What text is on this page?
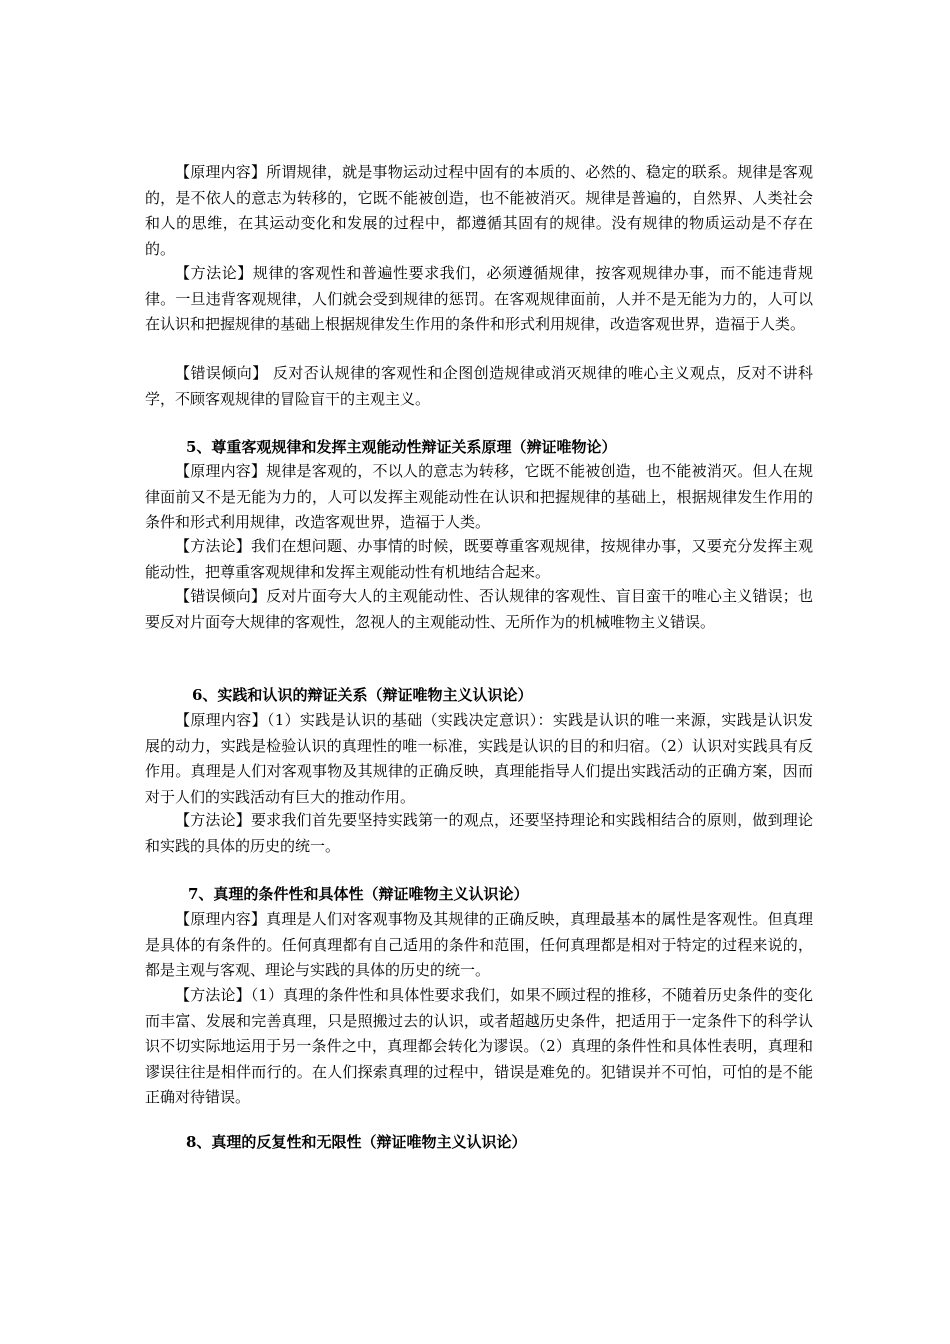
【原理内容】所谓规律，就是事物运动过程中固有的本质的、必然的、稳定的联系。规律是客观的，是不依人的意志为转移的，它既不能被创造，也不能被消灭。规律是普遍的，自然界、人类社会和人的思维，在其运动变化和发展的过程中，都遵循其固有的规律。没有规律的物质运动是不存在的。

【方法论】规律的客观性和普遍性要求我们，必须遵循规律，按客观规律办事，而不能违背规律。一旦违背客观规律，人们就会受到规律的惩罚。在客观规律面前，人并不是无能为力的，人可以在认识和把握规律的基础上根据规律发生作用的条件和形式利用规律，改造客观世界，造福于人类。

【错误倾向】 反对否认规律的客观性和企图创造规律或消灭规律的唯心主义观点，反对不讲科学，不顾客观规律的冒险盲干的主观主义。

5、尊重客观规律和发挥主观能动性辩证关系原理（辨证唯物论）

【原理内容】规律是客观的，不以人的意志为转移，它既不能被创造，也不能被消灭。但人在规律面前又不是无能为力的，人可以发挥主观能动性在认识和把握规律的基础上，根据规律发生作用的条件和形式利用规律，改造客观世界，造福于人类。

【方法论】我们在想问题、办事情的时候，既要尊重客观规律，按规律办事，又要充分发挥主观能动性，把尊重客观规律和发挥主观能动性有机地结合起来。

【错误倾向】反对片面夸大人的主观能动性、否认规律的客观性、盲目蛮干的唯心主义错误；也要反对片面夸大规律的客观性，忽视人的主观能动性、无所作为的机械唯物主义错误。

6、实践和认识的辩证关系（辩证唯物主义认识论）

【原理内容】（1）实践是认识的基础（实践决定意识）：实践是认识的唯一来源，实践是认识发展的动力，实践是检验认识的真理性的唯一标准，实践是认识的目的和归宿。（2）认识对实践具有反作用。真理是人们对客观事物及其规律的正确反映，真理能指导人们提出实践活动的正确方案，因而对于人们的实践活动有巨大的推动作用。

【方法论】要求我们首先要坚持实践第一的观点，还要坚持理论和实践相结合的原则，做到理论和实践的具体的历史的统一。

7、真理的条件性和具体性（辩证唯物主义认识论）

【原理内容】真理是人们对客观事物及其规律的正确反映，真理最基本的属性是客观性。但真理是具体的有条件的。任何真理都有自己适用的条件和范围，任何真理都是相对于特定的过程来说的，都是主观与客观、理论与实践的具体的历史的统一。

【方法论】（1）真理的条件性和具体性要求我们，如果不顾过程的推移，不随着历史条件的变化而丰富、发展和完善真理，只是照搬过去的认识，或者超越历史条件，把适用于一定条件下的科学认识不切实际地运用于另一条件之中，真理都会转化为谬误。（2）真理的条件性和具体性表明，真理和谬误往往是相伴而行的。在人们探索真理的过程中，错误是难免的。犯错误并不可怕，可怕的是不能正确对待错误。

8、真理的反复性和无限性（辩证唯物主义认识论）
